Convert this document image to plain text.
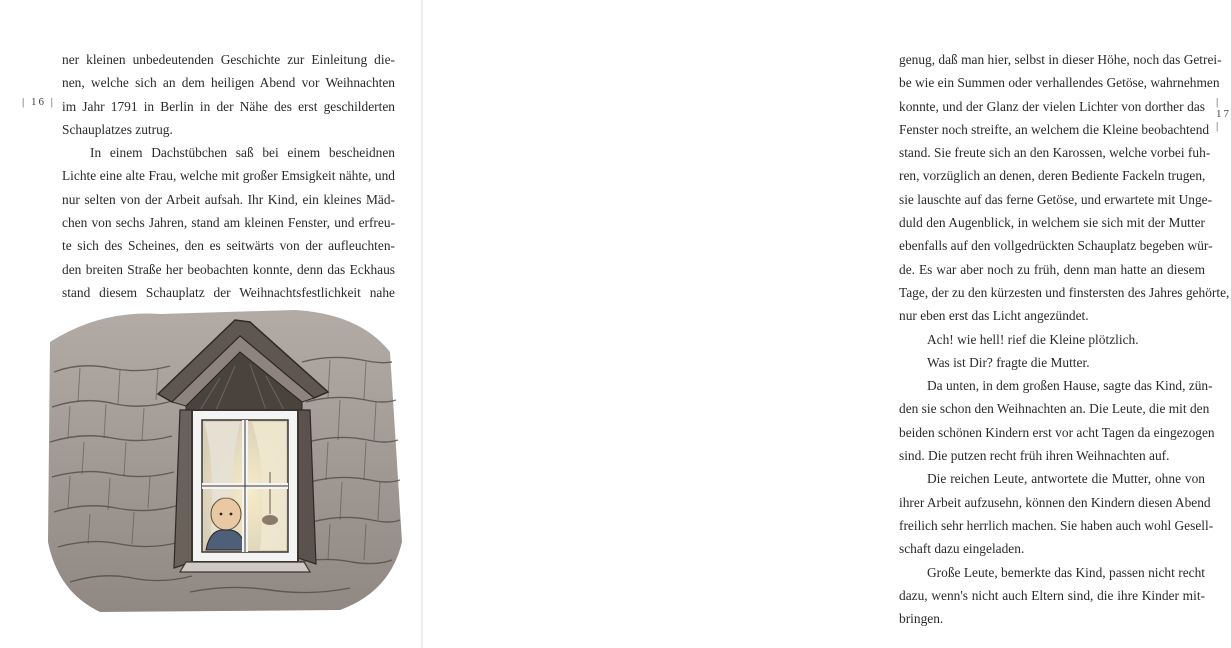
| 16 |
ner kleinen unbedeutenden Geschichte zur Einleitung die-
nen, welche sich an dem heiligen Abend vor Weihnachten
im Jahr 1791 in Berlin in der Nähe des erst geschilderten
Schauplatzes zutrug.
In einem Dachstübchen saß bei einem bescheidnen
Lichte eine alte Frau, welche mit großer Emsigkeit nähte, und
nur selten von der Arbeit aufsah. Ihr Kind, ein kleines Mäd-
chen von sechs Jahren, stand am kleinen Fenster, und erfreu-
te sich des Scheines, den es seitwärts von der aufleuchten-
den breiten Straße her beobachten konnte, denn das Eckhaus
stand diesem Schauplatz der Weihnachtsfestlichkeit nahe
| 17 |
genug, daß man hier, selbst in dieser Höhe, noch das Getrei-
be wie ein Summen oder verhallendes Getöse, wahrnehmen
konnte, und der Glanz der vielen Lichter von dorther das
Fenster noch streifte, an welchem die Kleine beobachtend
stand. Sie freute sich an den Karossen, welche vorbei fuh-
ren, vorzüglich an denen, deren Bediente Fackeln trugen,
sie lauschte auf das ferne Getöse, und erwartete mit Unge-
duld den Augenblick, in welchem sie sich mit der Mutter
ebenfalls auf den vollgedrückten Schauplatz begeben wür-
de. Es war aber noch zu früh, denn man hatte an diesem
Tage, der zu den kürzesten und finstersten des Jahres gehörte,
nur eben erst das Licht angezündet.
Ach! wie hell! rief die Kleine plötzlich.
Was ist Dir? fragte die Mutter.
Da unten, in dem großen Hause, sagte das Kind, zün-
den sie schon den Weihnachten an. Die Leute, die mit den
beiden schönen Kindern erst vor acht Tagen da eingezogen
sind. Die putzen recht früh ihren Weihnachten auf.
Die reichen Leute, antwortete die Mutter, ohne von
ihrer Arbeit aufzusehn, können den Kindern diesen Abend
freilich sehr herrlich machen. Sie haben auch wohl Gesell-
schaft dazu eingeladen.
Große Leute, bemerkte das Kind, passen nicht recht
dazu, wenn's nicht auch Eltern sind, die ihre Kinder mit-
bringen.
